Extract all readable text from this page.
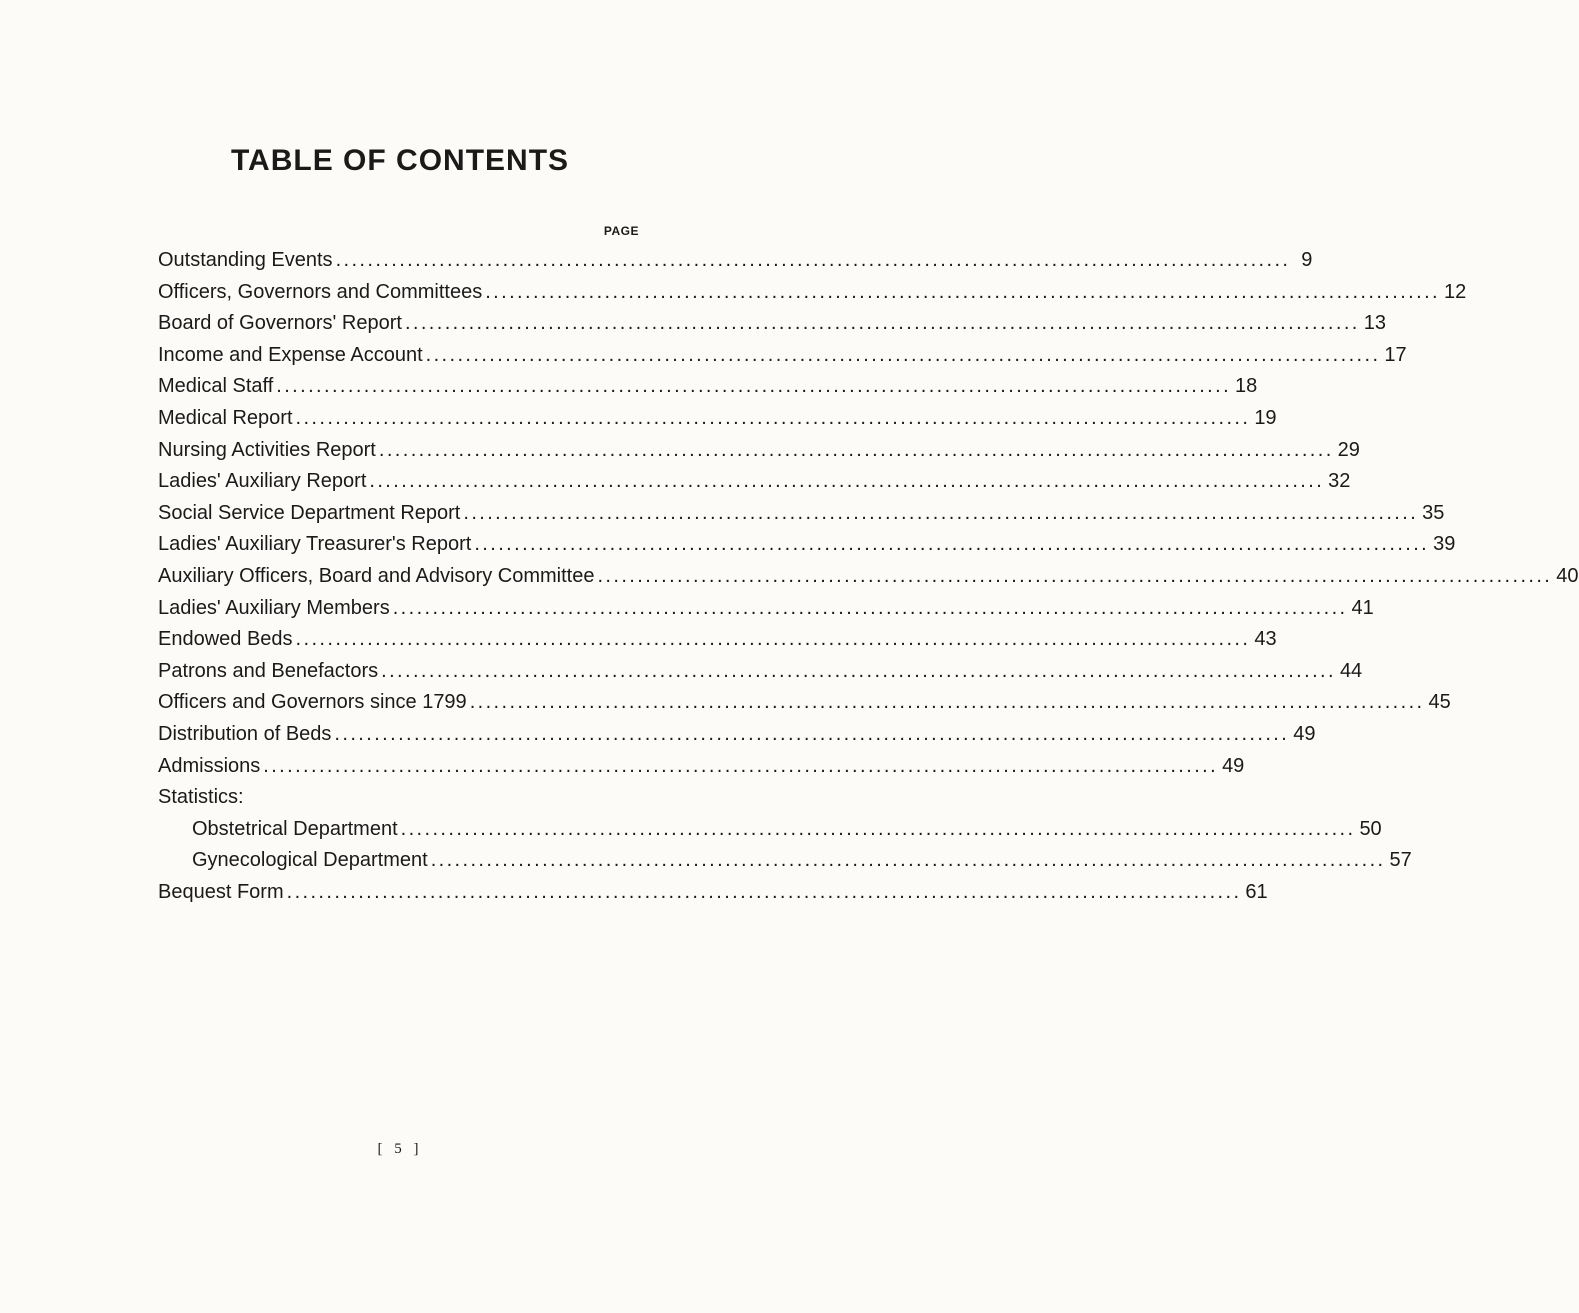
TABLE OF CONTENTS
PAGE
Outstanding Events ........................................................................................................................ 9
Officers, Governors and Committees ........................................................................................................................ 12
Board of Governors' Report ........................................................................................................................ 13
Income and Expense Account ........................................................................................................................ 17
Medical Staff ........................................................................................................................ 18
Medical Report ........................................................................................................................ 19
Nursing Activities Report ........................................................................................................................ 29
Ladies' Auxiliary Report ........................................................................................................................ 32
Social Service Department Report ........................................................................................................................ 35
Ladies' Auxiliary Treasurer's Report ........................................................................................................................ 39
Auxiliary Officers, Board and Advisory Committee ........................................................................................................................ 40
Ladies' Auxiliary Members ........................................................................................................................ 41
Endowed Beds ........................................................................................................................ 43
Patrons and Benefactors ........................................................................................................................ 44
Officers and Governors since 1799 ........................................................................................................................ 45
Distribution of Beds ........................................................................................................................ 49
Admissions ........................................................................................................................ 49
Statistics:
Obstetrical Department ........................................................................................................................ 50
Gynecological Department ........................................................................................................................ 57
Bequest Form ........................................................................................................................ 61
[ 5 ]
